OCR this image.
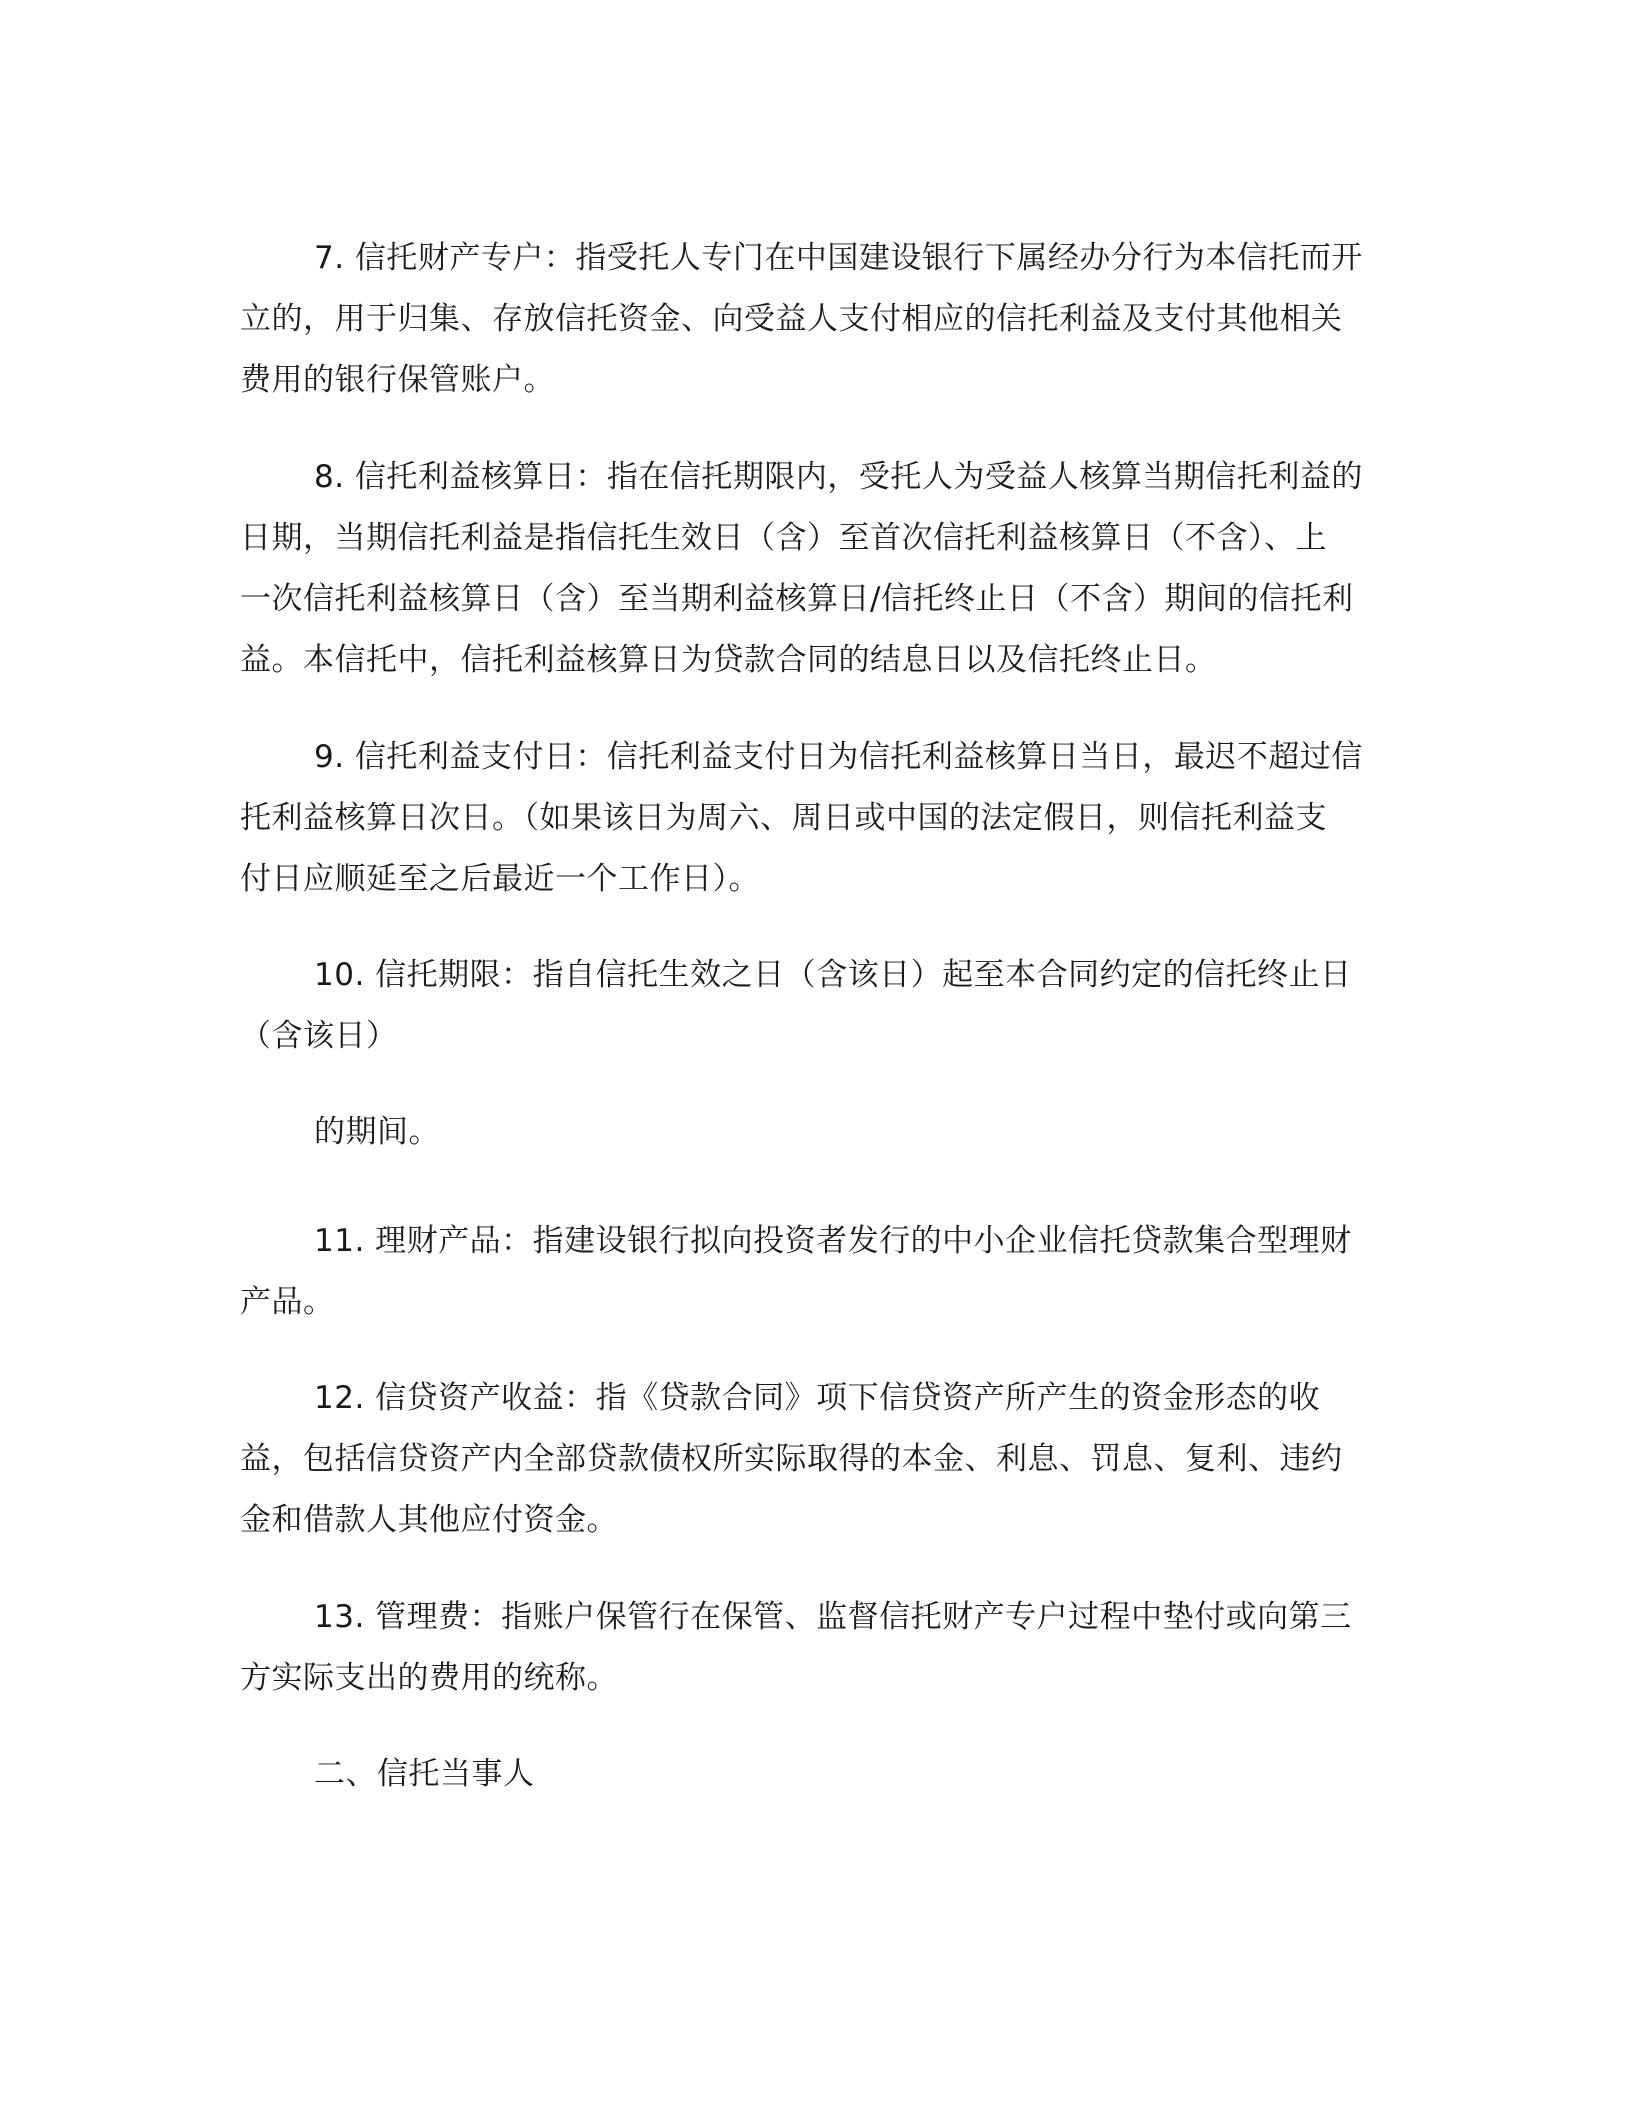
7. 信托财产专户：指受托人专门在中国建设银行下属经办分行为本信托而开
立的，用于归集、存放信托资金、向受益人支付相应的信托利益及支付其他相关
费用的银行保管账户。
8. 信托利益核算日：指在信托期限内，受托人为受益人核算当期信托利益的
日期，当期信托利益是指信托生效日（含）至首次信托利益核算日（不含）、上
一次信托利益核算日（含）至当期利益核算日/信托终止日（不含）期间的信托利
益。本信托中，信托利益核算日为贷款合同的结息日以及信托终止日。
9. 信托利益支付日：信托利益支付日为信托利益核算日当日，最迟不超过信
托利益核算日次日。（如果该日为周六、周日或中国的法定假日，则信托利益支
付日应顺延至之后最近一个工作日）。
10. 信托期限：指自信托生效之日（含该日）起至本合同约定的信托终止日
（含该日）
的期间。
11. 理财产品：指建设银行拟向投资者发行的中小企业信托贷款集合型理财
产品。
12. 信贷资产收益：指《贷款合同》项下信贷资产所产生的资金形态的收
益，包括信贷资产内全部贷款债权所实际取得的本金、利息、罚息、复利、违约
金和借款人其他应付资金。
13. 管理费：指账户保管行在保管、监督信托财产专户过程中垫付或向第三
方实际支出的费用的统称。
二、信托当事人
